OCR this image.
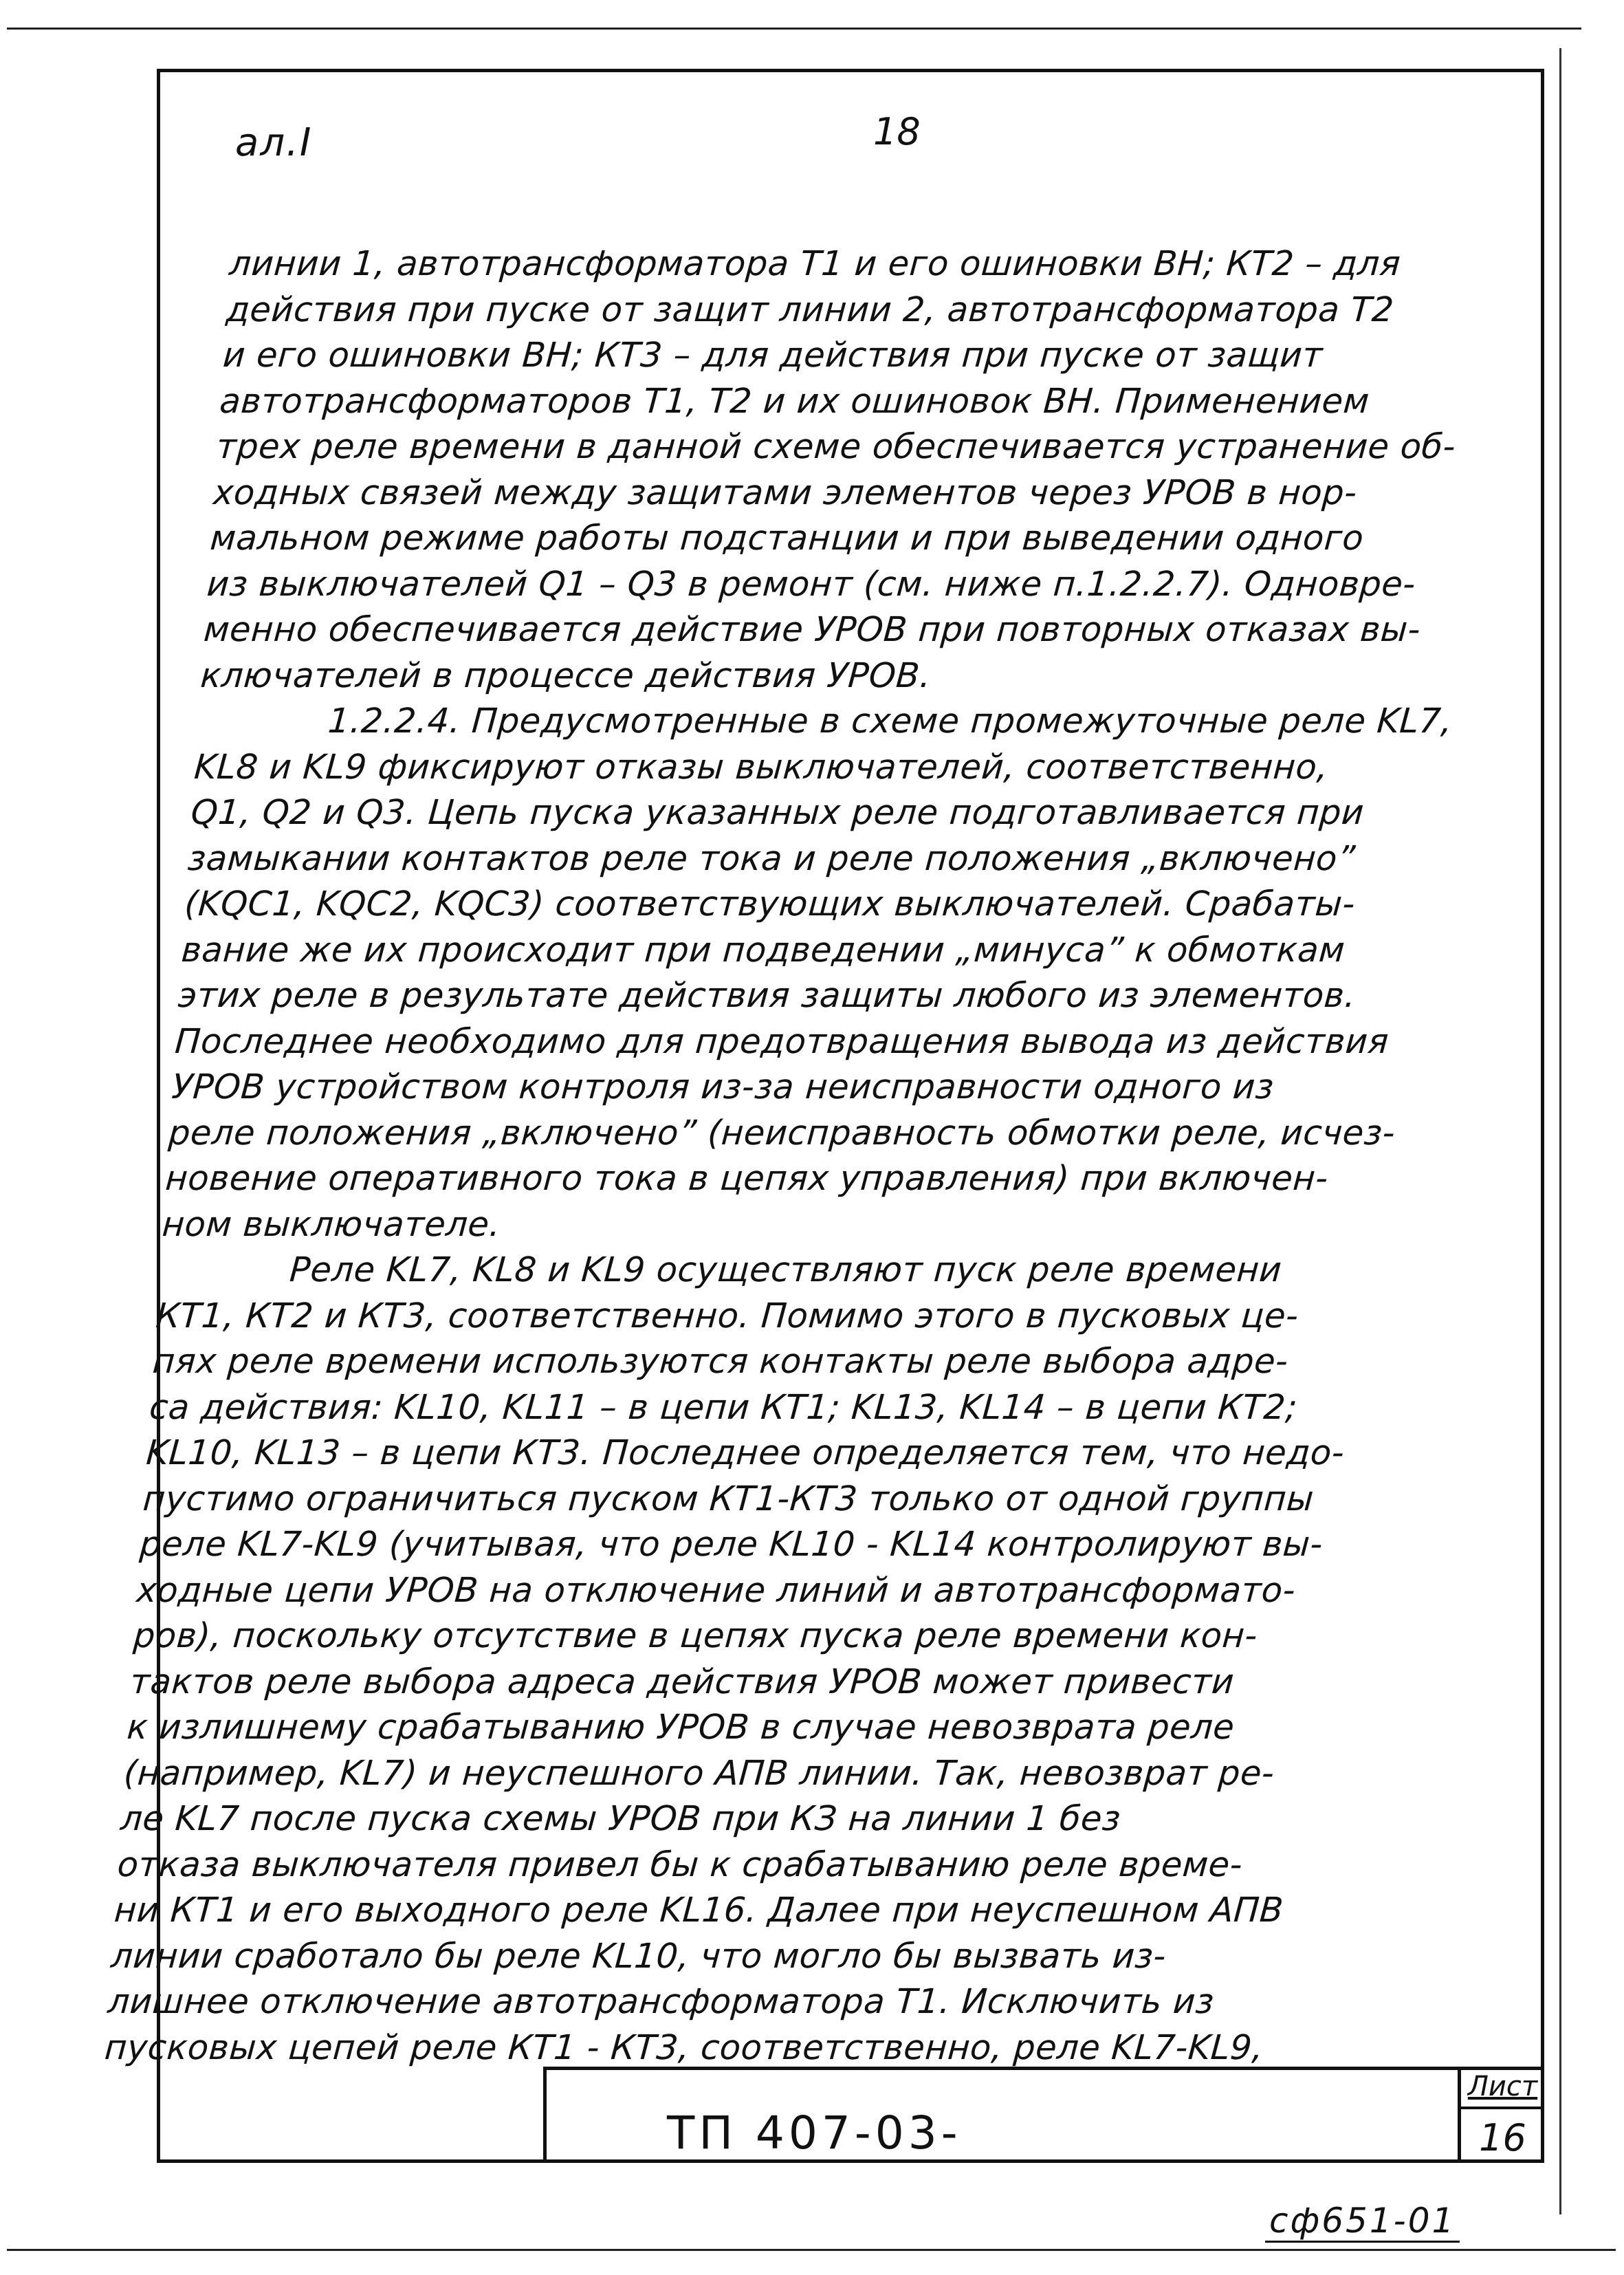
ал.I	18
линии 1, автотрансформатора Т1 и его ошиновки ВН; КТ2 – для
действия при пуске от защит линии 2, автотрансформатора Т2
и его ошиновки ВН; КТ3 – для действия при пуске от защит
автотрансформаторов Т1, Т2 и их ошиновок ВН. Применением
трех реле времени в данной схеме обеспечивается устранение об-
ходных связей между защитами элементов через УРОВ в нор-
мальном режиме работы подстанции и при выведении одного
из выключателей Q1 – Q3 в ремонт (см. ниже п.1.2.2.7). Одновре-
менно обеспечивается действие УРОВ при повторных отказах вы-
ключателей в процессе действия УРОВ.
1.2.2.4. Предусмотренные в схеме промежуточные реле KL7,
KL8 и KL9 фиксируют отказы выключателей, соответственно,
Q1, Q2 и Q3. Цепь пуска указанных реле подготавливается при
замыкании контактов реле тока и реле положения „включено”
(KQC1, KQC2, KQC3) соответствующих выключателей. Срабаты-
вание же их происходит при подведении „минуса” к обмоткам
этих реле в результате действия защиты любого из элементов.
Последнее необходимо для предотвращения вывода из действия
УРОВ устройством контроля из-за неисправности одного из
реле положения „включено” (неисправность обмотки реле, исчез-
новение оперативного тока в цепях управления) при включен-
ном выключателе.
Реле KL7, KL8 и KL9 осуществляют пуск реле времени
КТ1, КТ2 и КТ3, соответственно. Помимо этого в пусковых це-
пях реле времени используются контакты реле выбора адре-
са действия: KL10, KL11 – в цепи КТ1; KL13, KL14 – в цепи КТ2;
KL10, KL13 – в цепи КТ3. Последнее определяется тем, что недо-
пустимо ограничиться пуском КТ1-КТ3 только от одной группы
реле KL7-KL9 (учитывая, что реле KL10 - KL14 контролируют вы-
ходные цепи УРОВ на отключение линий и автотрансформато-
ров), поскольку отсутствие в цепях пуска реле времени кон-
тактов реле выбора адреса действия УРОВ может привести
к излишнему срабатыванию УРОВ в случае невозврата реле
(например, KL7) и неуспешного АПВ линии. Так, невозврат ре-
ле KL7 после пуска схемы УРОВ при КЗ на линии 1 без
отказа выключателя привел бы к срабатыванию реле време-
ни КТ1 и его выходного реле KL16. Далее при неуспешном АПВ
линии сработало бы реле KL10, что могло бы вызвать из-
лишнее отключение автотрансформатора Т1. Исключить из
пусковых цепей реле КТ1 - КТ3, соответственно, реле KL7-KL9,
ТП 407-03-
Лист
16
сф651-01
